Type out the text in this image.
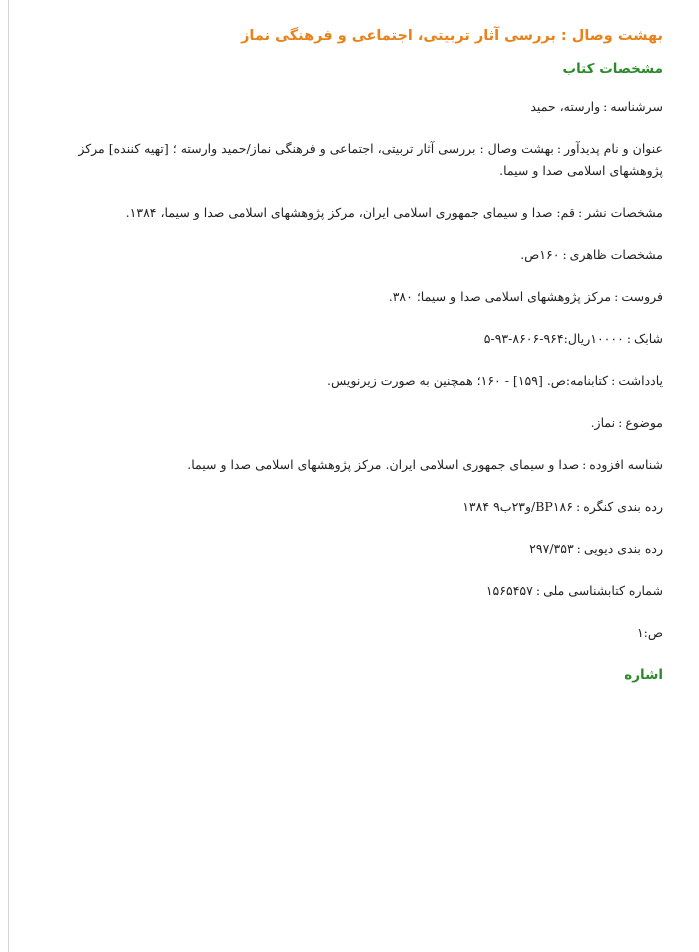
بهشت وصال : بررسی آثار تربیتی، اجتماعی و فرهنگی نماز
مشخصات کتاب
سرشناسه:وارسته، حمید
عنوان و نام پدیدآور:بهشت وصال : بررسی آثار تربیتی، اجتماعی و فرهنگی نماز/حمید وارسته ؛ [تهیه کننده] مرکز پژوهشهای اسلامی صدا و سیما.
مشخصات نشر:قم: صدا و سیمای جمهوری اسلامی ایران، مرکز پژوهشهای اسلامی صدا و سیما، ۱۳۸۴.
مشخصات ظاهری:۱۶۰ص.
فروست:مرکز پژوهشهای اسلامی صدا و سیما؛ ۳۸۰.
شابک:۱۰۰۰۰ریال:۹۶۴-۸۶۰۶-۹۳-۵
یادداشت:کتابنامه:ص. [۱۵۹] - ۱۶۰؛ همچنین به صورت زیرنویس.
موضوع:نماز.
شناسه افزوده:صدا و سیمای جمهوری اسلامی ایران. مرکز پژوهشهای اسلامی صدا و سیما.
رده بندی کنگره:BP۱۸۶/و۲۳ب۹ ۱۳۸۴
رده بندی دیویی:۲۹۷/۳۵۳
شماره کتابشناسی ملی:۱۵۶۵۴۵۷
ص:۱
اشاره
